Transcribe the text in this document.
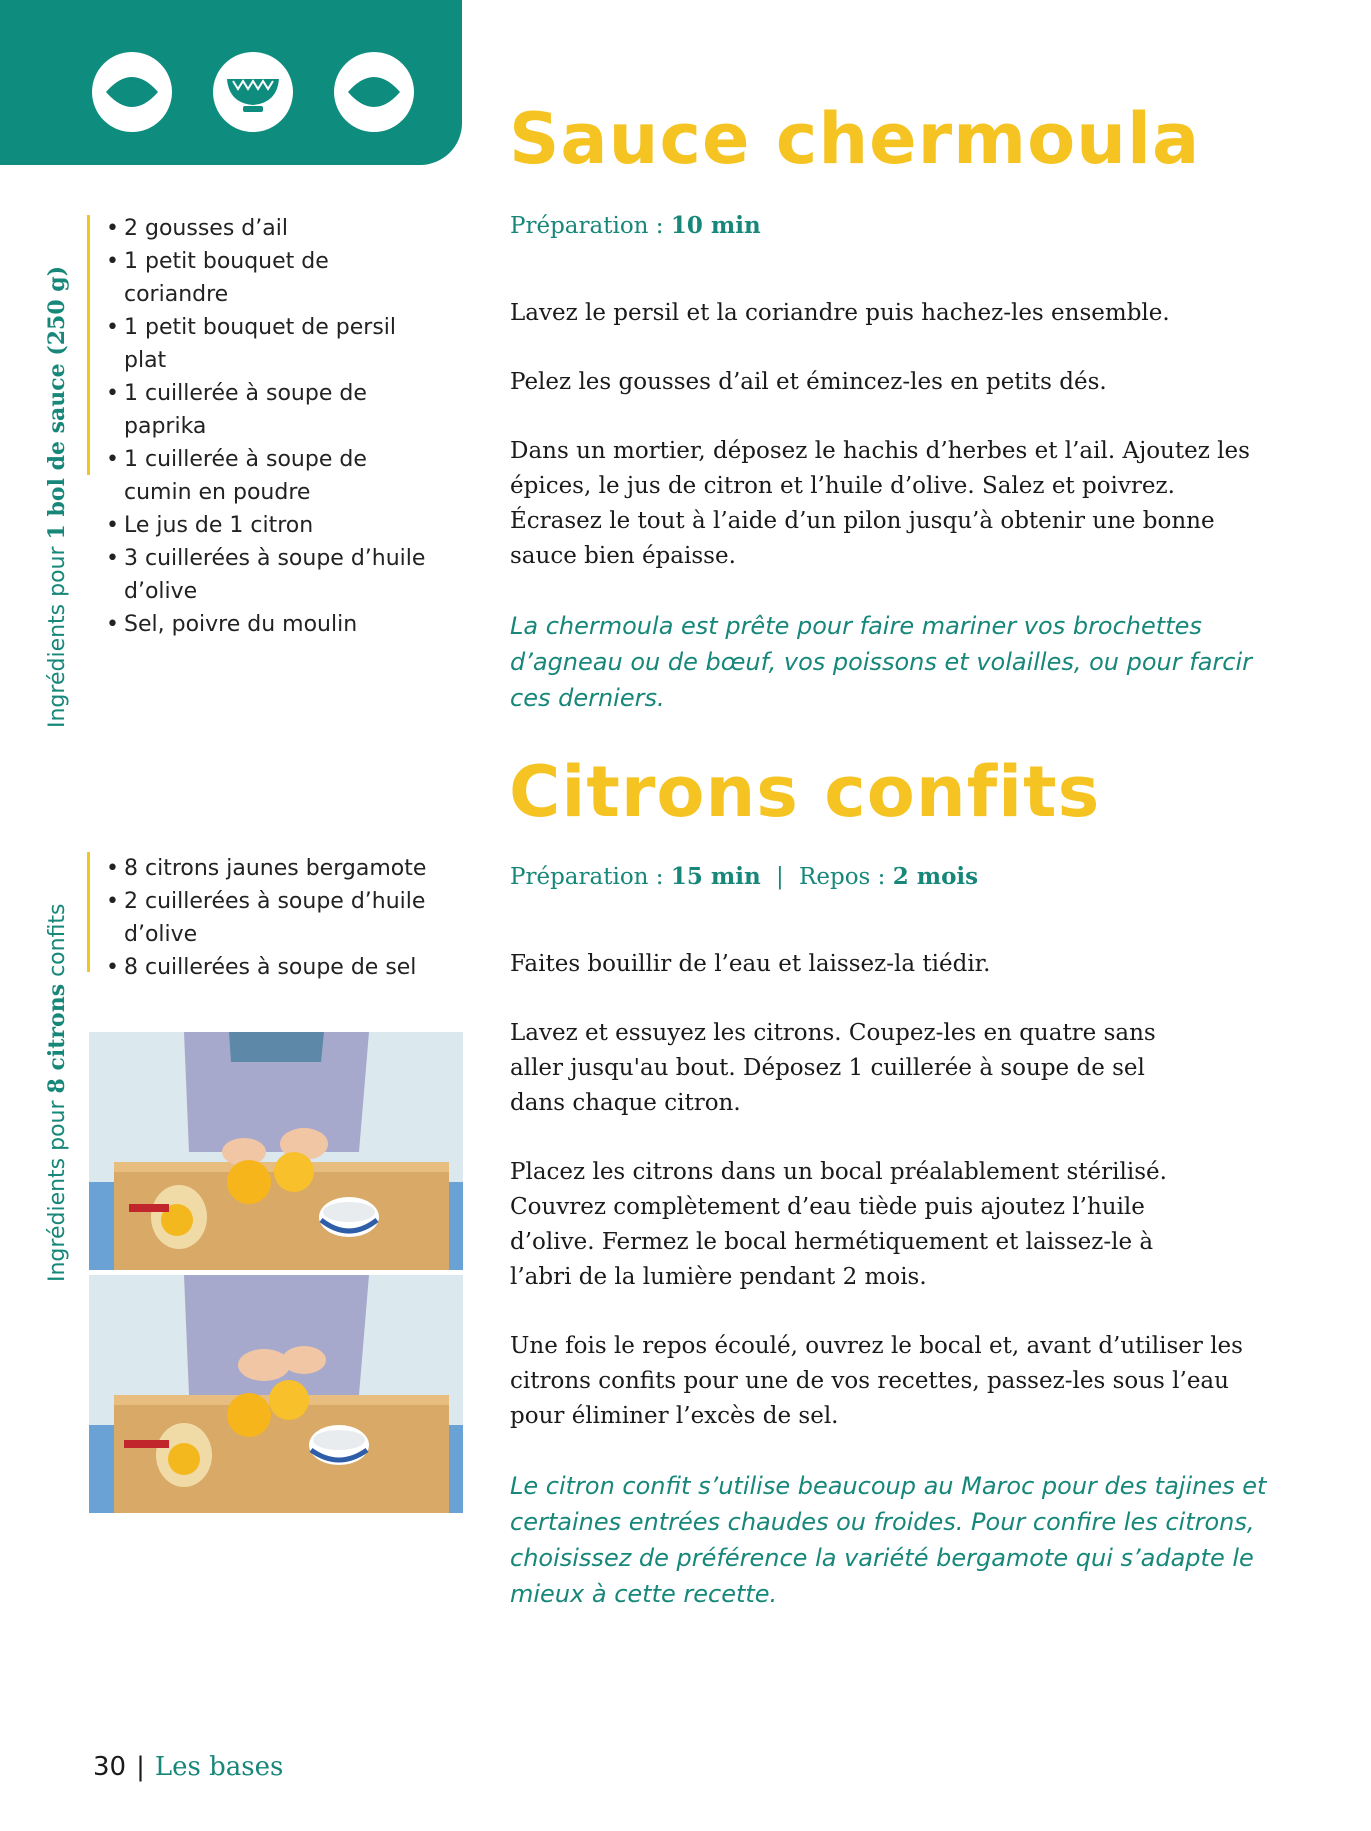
Sauce chermoula
Préparation : 10 min
Ingrédients pour 1 bol de sauce (250 g)
• 2 gousses d’ail
• 1 petit bouquet de coriandre
• 1 petit bouquet de persil plat
• 1 cuillerée à soupe de paprika
• 1 cuillerée à soupe de cumin en poudre
• Le jus de 1 citron
• 3 cuillerées à soupe d’huile d’olive
• Sel, poivre du moulin

Lavez le persil et la coriandre puis hachez-les ensemble.

Pelez les gousses d’ail et émincez-les en petits dés.

Dans un mortier, déposez le hachis d’herbes et l’ail. Ajoutez les épices, le jus de citron et l’huile d’olive. Salez et poivrez. Écrasez le tout à l’aide d’un pilon jusqu’à obtenir une bonne sauce bien épaisse.

La chermoula est prête pour faire mariner vos brochettes d’agneau ou de bœuf, vos poissons et volailles, ou pour farcir ces derniers.

Citrons confits
Préparation : 15 min | Repos : 2 mois
Ingrédients pour 8 citrons confits
• 8 citrons jaunes bergamote
• 2 cuillerées à soupe d’huile d’olive
• 8 cuillerées à soupe de sel	Faites bouillir de l’eau et laissez-la tiédir.

Lavez et essuyez les citrons. Coupez-les en quatre sans aller jusqu'au bout. Déposez 1 cuillerée à soupe de sel dans chaque citron.

Placez les citrons dans un bocal préalablement stérilisé. Couvrez complètement d’eau tiède puis ajoutez l’huile d’olive. Fermez le bocal hermétiquement et laissez-le à l’abri de la lumière pendant 2 mois.

Une fois le repos écoulé, ouvrez le bocal et, avant d’utiliser les citrons confits pour une de vos recettes, passez-les sous l’eau pour éliminer l’excès de sel.

Le citron confit s’utilise beaucoup au Maroc pour des tajines et certaines entrées chaudes ou froides. Pour confire les citrons, choisissez de préférence la variété bergamote qui s’adapte le mieux à cette recette.

30 | Les bases
